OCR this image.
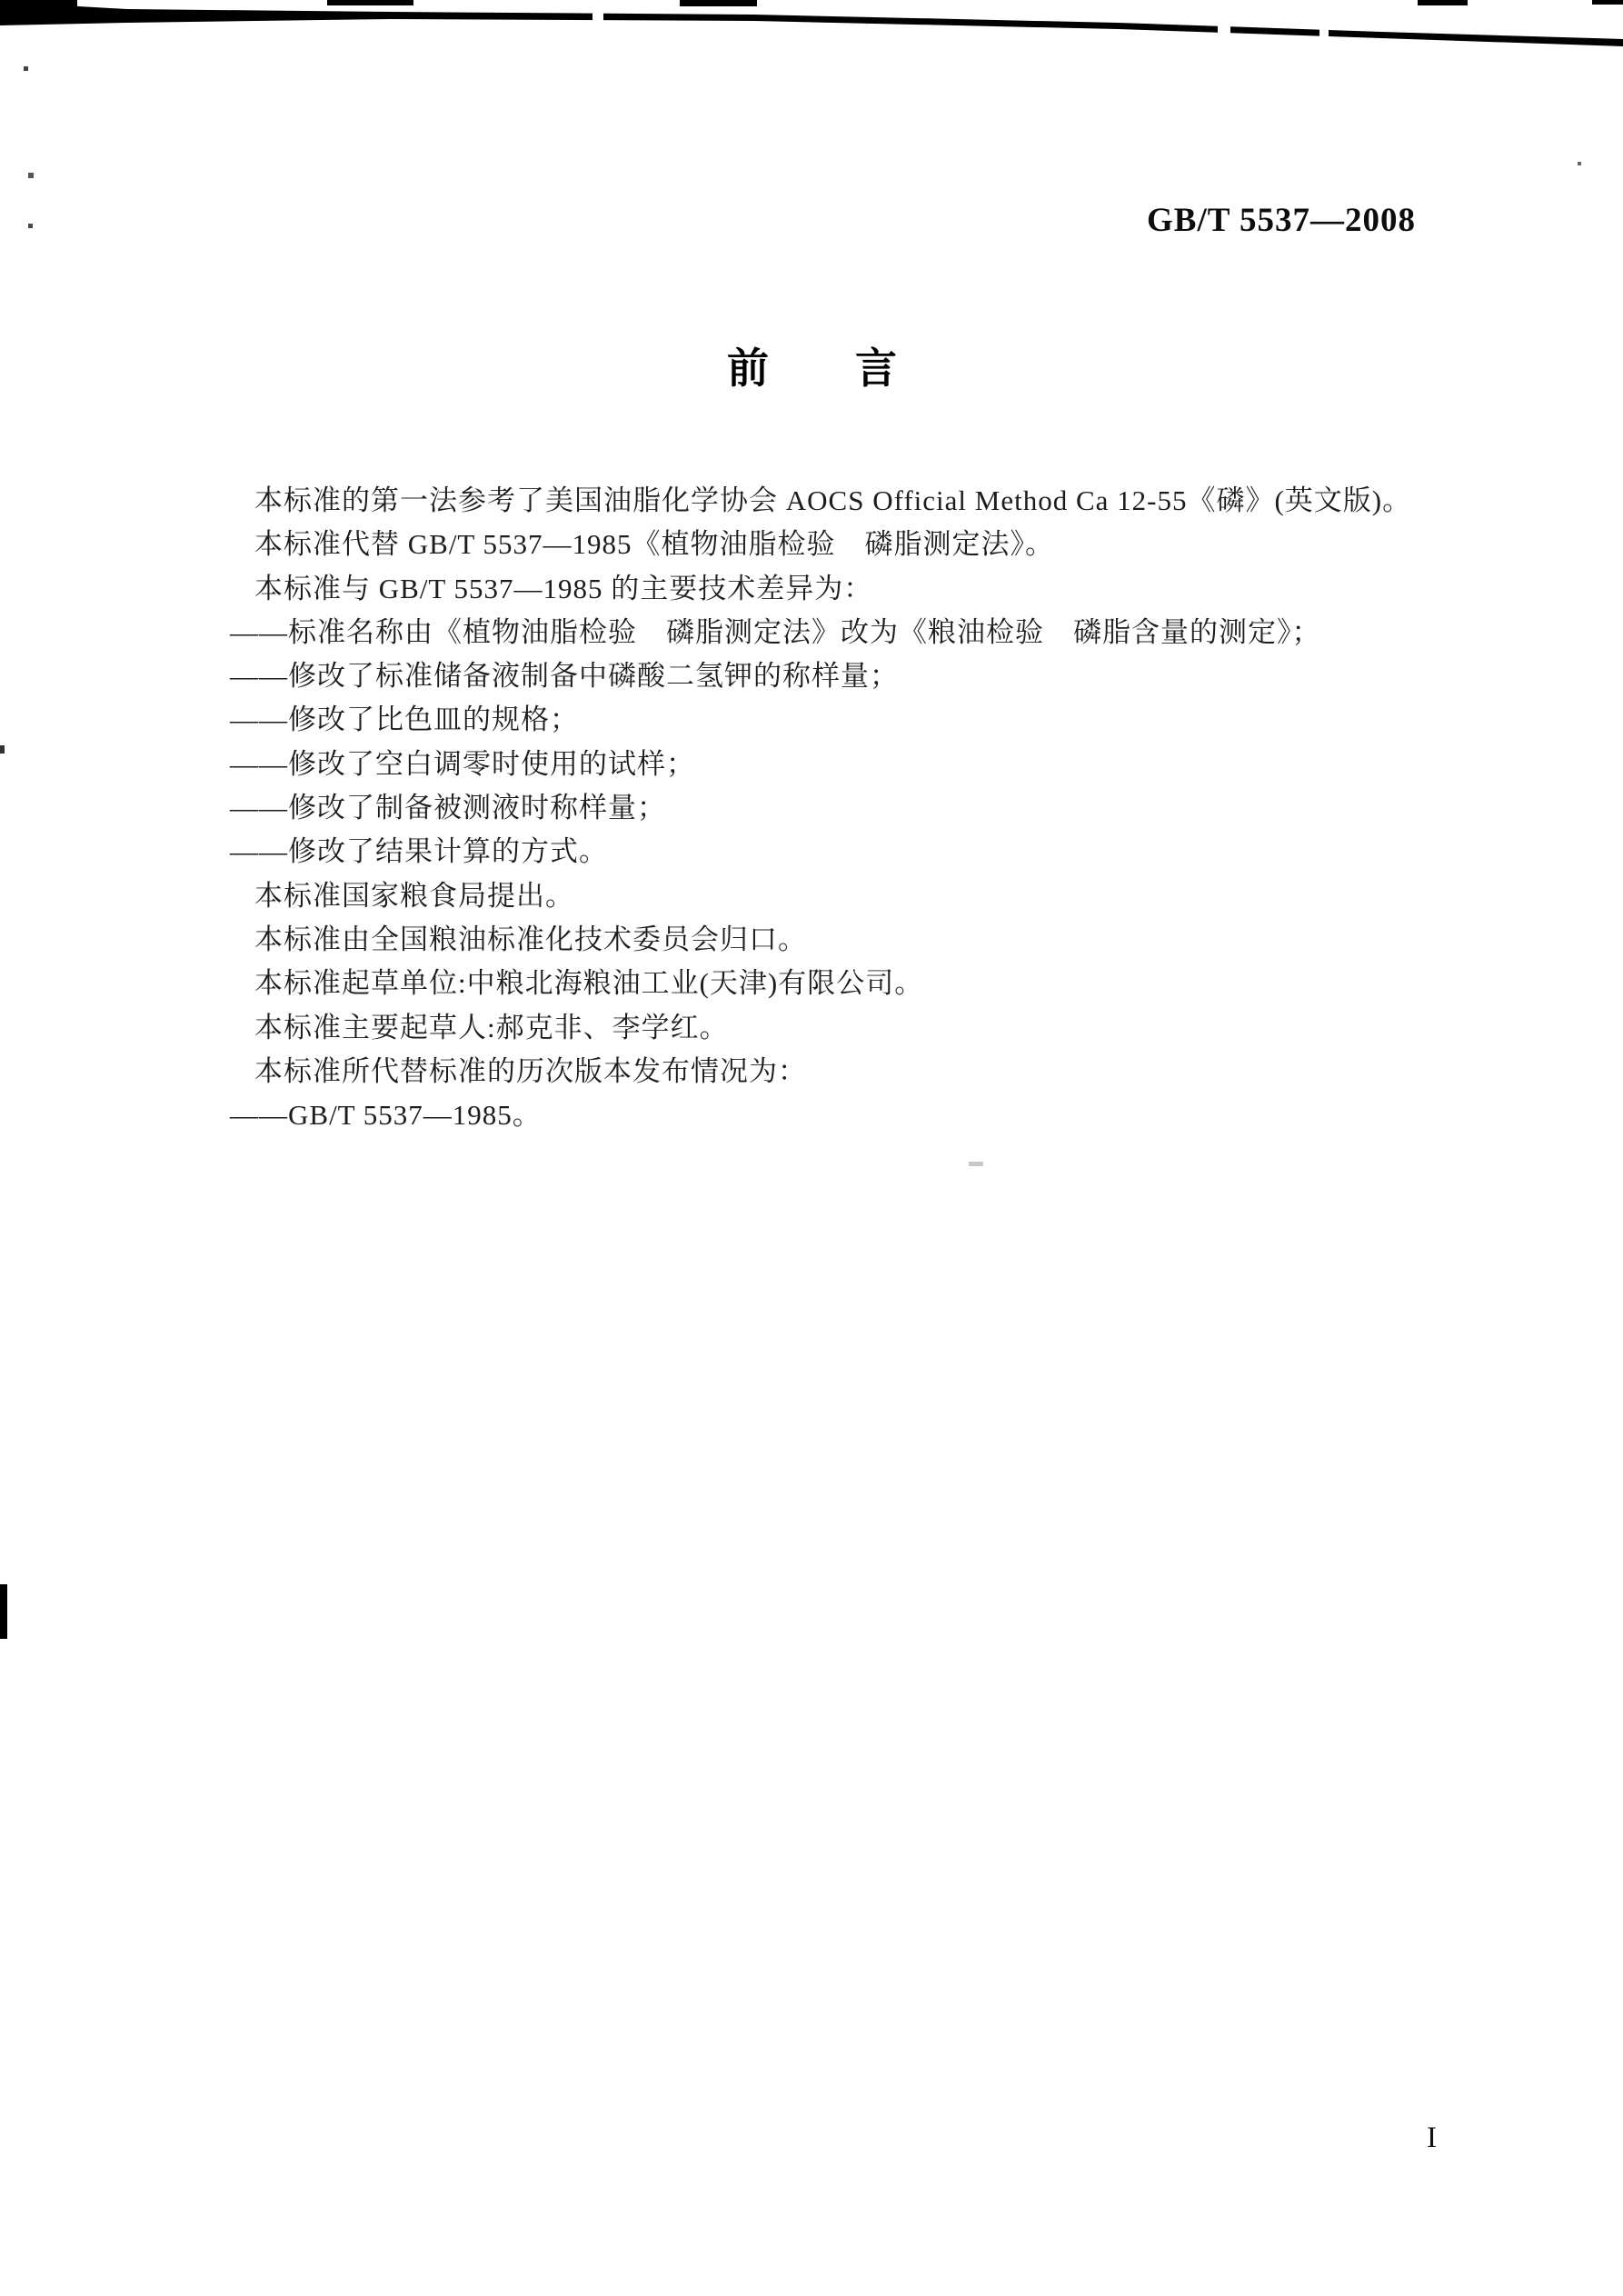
GB/T 5537—2008
前言
本标准的第一法参考了美国油脂化学协会 AOCS Official Method Ca 12-55《磷》(英文版)。
本标准代替 GB/T 5537—1985《植物油脂检验　磷脂测定法》。
本标准与 GB/T 5537—1985 的主要技术差异为：
——标准名称由《植物油脂检验　磷脂测定法》改为《粮油检验　磷脂含量的测定》；
——修改了标准储备液制备中磷酸二氢钾的称样量；
——修改了比色皿的规格；
——修改了空白调零时使用的试样；
——修改了制备被测液时称样量；
——修改了结果计算的方式。
本标准国家粮食局提出。
本标准由全国粮油标准化技术委员会归口。
本标准起草单位:中粮北海粮油工业(天津)有限公司。
本标准主要起草人:郝克非、李学红。
本标准所代替标准的历次版本发布情况为：
——GB/T 5537—1985。
I
